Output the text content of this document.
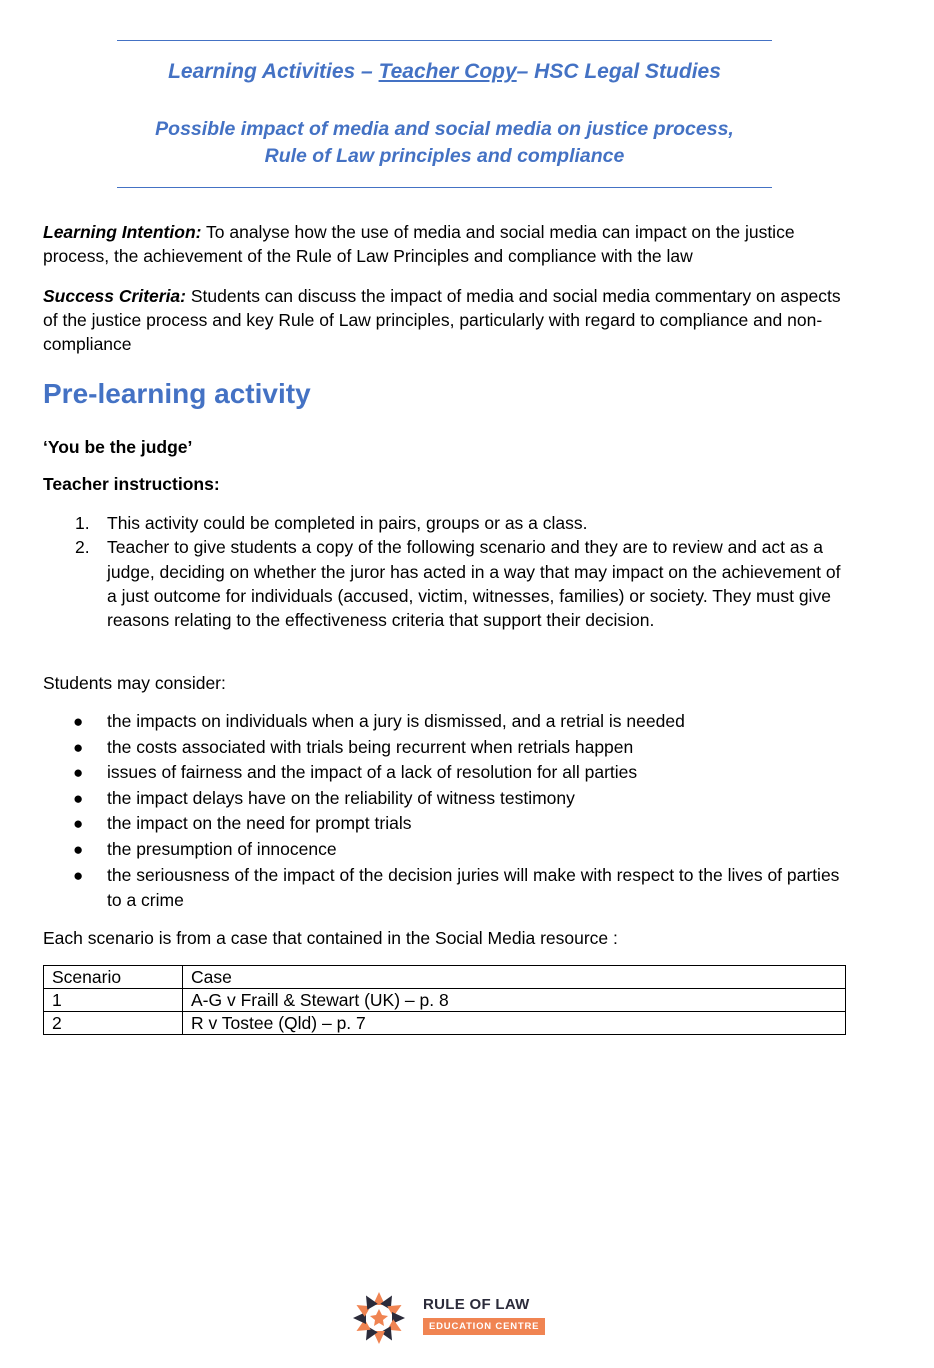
Learning Activities – Teacher Copy– HSC Legal Studies
Possible impact of media and social media on justice process,
Rule of Law principles and compliance
Learning Intention: To analyse how the use of media and social media can impact on the justice process, the achievement of the Rule of Law Principles and compliance with the law
Success Criteria: Students can discuss the impact of media and social media commentary on aspects of the justice process and key Rule of Law principles, particularly with regard to compliance and non-compliance
Pre-learning activity
‘You be the judge’
Teacher instructions:
1. This activity could be completed in pairs, groups or as a class.
2. Teacher to give students a copy of the following scenario and they are to review and act as a judge, deciding on whether the juror has acted in a way that may impact on the achievement of a just outcome for individuals (accused, victim, witnesses, families) or society. They must give reasons relating to the effectiveness criteria that support their decision.
Students may consider:
● the impacts on individuals when a jury is dismissed, and a retrial is needed
● the costs associated with trials being recurrent when retrials happen
● issues of fairness and the impact of a lack of resolution for all parties
● the impact delays have on the reliability of witness testimony
● the impact on the need for prompt trials
● the presumption of innocence
● the seriousness of the impact of the decision juries will make with respect to the lives of parties to a crime
Each scenario is from a case that contained in the Social Media resource :
Scenario	Case
1	A-G v Fraill & Stewart (UK) – p. 8
2	R v Tostee (Qld) – p. 7
RULE OF LAW
EDUCATION CENTRE
